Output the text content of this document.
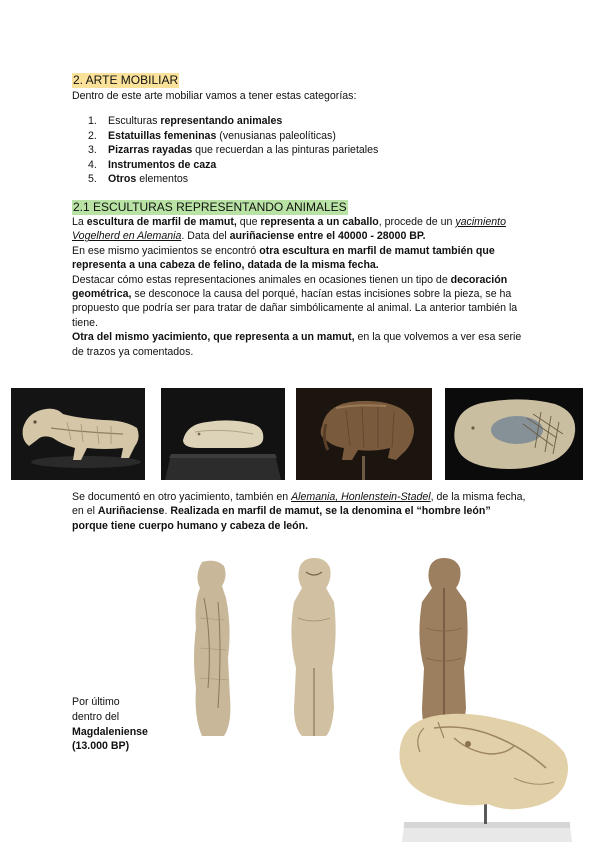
2. ARTE MOBILIAR

Dentro de este arte mobiliar vamos a tener estas categorías:

1. Esculturas representando animales
2. Estatuillas femeninas (venusianas paleolíticas)
3. Pizarras rayadas que recuerdan a las pinturas parietales
4. Instrumentos de caza
5. Otros elementos
2.1 ESCULTURAS REPRESENTANDO ANIMALES

La escultura de marfil de mamut, que representa a un caballo, procede de un yacimiento Vogelherd en Alemania. Data del auriñaciense entre el 40000 - 28000 BP.
En ese mismo yacimientos se encontró otra escultura en marfil de mamut también que representa a una cabeza de felino, datada de la misma fecha.
Destacar cómo estas representaciones animales en ocasiones tienen un tipo de decoración geométrica, se desconoce la causa del porqué, hacían estas incisiones sobre la pieza, se ha propuesto que podría ser para tratar de dañar simbólicamente al animal. La anterior también la tiene.
Otra del mismo yacimiento, que representa a un mamut, en la que volvemos a ver esa serie de trazos ya comentados.

Se documentó en otro yacimiento, también en Alemania, Honlenstein-Stadel, de la misma fecha, en el Auriñaciense. Realizada en marfil de mamut, se la denomina el “hombre león” porque tiene cuerpo humano y cabeza de león.

Por último
dentro del
Magdaleniense
(13.000 BP)
